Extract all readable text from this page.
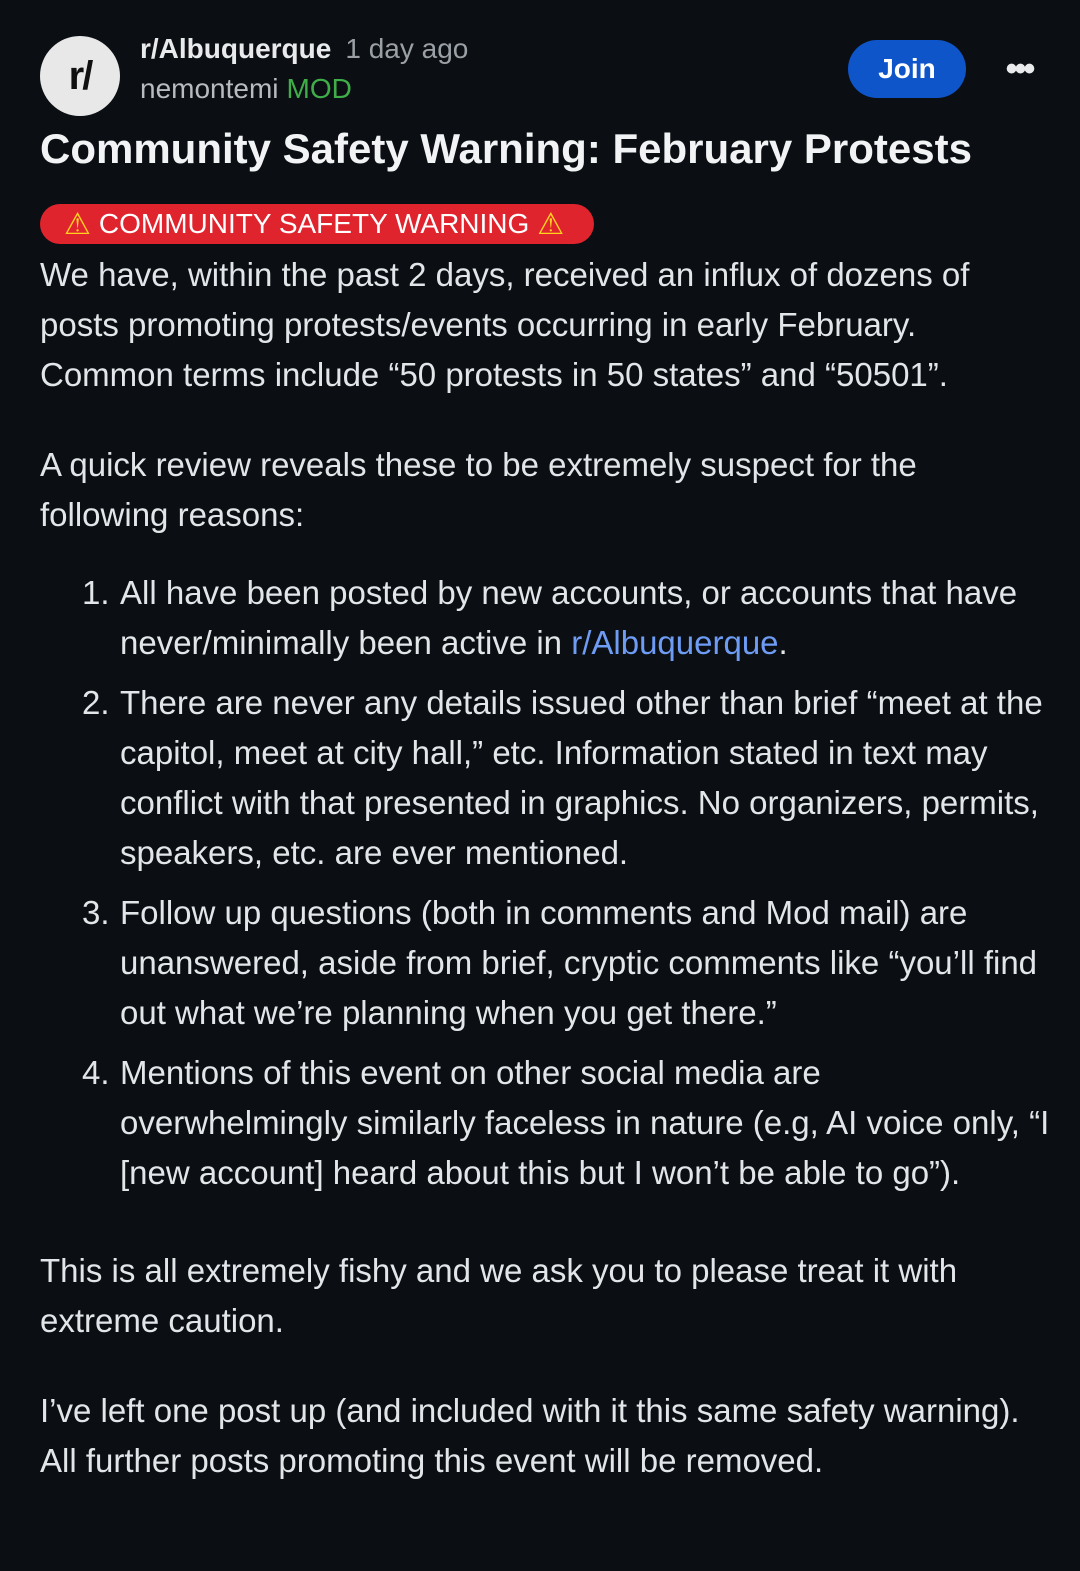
r/
r/Albuquerque 1 day ago
nemontemi MOD
Join	•••
Community Safety Warning: February Protests
⚠ COMMUNITY SAFETY WARNING ⚠

We have, within the past 2 days, received an influx of dozens of posts promoting protests/events occurring in early February. Common terms include “50 protests in 50 states” and “50501”.

A quick review reveals these to be extremely suspect for the following reasons:

1. All have been posted by new accounts, or accounts that have never/minimally been active in r/Albuquerque.
2. There are never any details issued other than brief “meet at the capitol, meet at city hall,” etc. Information stated in text may conflict with that presented in graphics. No organizers, permits, speakers, etc. are ever mentioned.
3. Follow up questions (both in comments and Mod mail) are unanswered, aside from brief, cryptic comments like “you’ll find out what we’re planning when you get there.”
4. Mentions of this event on other social media are overwhelmingly similarly faceless in nature (e.g, AI voice only, “I [new account] heard about this but I won’t be able to go”).

This is all extremely fishy and we ask you to please treat it with extreme caution.

I’ve left one post up (and included with it this same safety warning). All further posts promoting this event will be removed.
